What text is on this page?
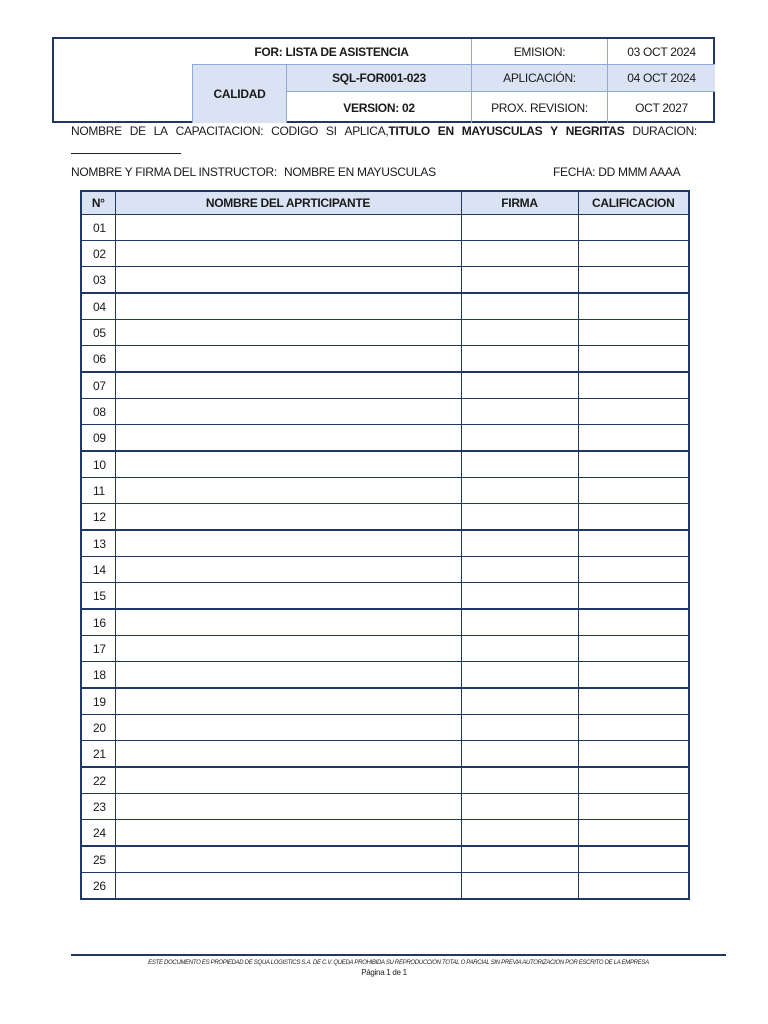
FOR: LISTA DE ASISTENCIA	EMISION:	03 OCT 2024
CALIDAD
SQL-FOR001-023	APLICACIÓN:	04 OCT 2024
VERSION: 02	PROX. REVISION:	OCT 2027
NOMBRE DE LA CAPACITACION: CODIGO SI APLICA,TITULO EN MAYUSCULAS Y NEGRITAS DURACION:
NOMBRE Y FIRMA DEL INSTRUCTOR: NOMBRE EN MAYUSCULAS	FECHA: DD MMM AAAA
N°	NOMBRE DEL APRTICIPANTE	FIRMA	CALIFICACION
01			
02			
03			
04			
05			
06			
07			
08			
09			
10			
11			
12			
13			
14			
15			
16			
17			
18			
19			
20			
21			
22			
23			
24			
25			
26			
ESTE DOCUMENTO ES PROPIEDAD DE SQUA LOGISTICS S.A. DE C.V. QUEDA PROHIBIDA SU REPRODUCCION TOTAL O PARCIAL SIN PREVIA AUTORIZACION POR ESCRITO DE LA EMPRESA
Página 1 de 1
